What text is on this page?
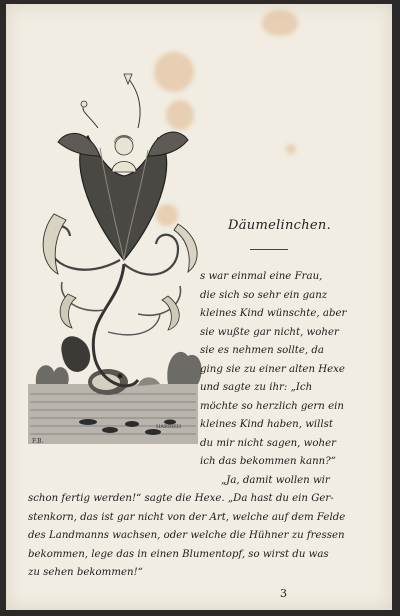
F.B.
HARSIEH
Däumelinchen.
s war einmal eine Frau,
die sich so sehr ein ganz
kleines Kind wünschte, aber
sie wußte gar nicht, woher
sie es nehmen sollte, da
ging sie zu einer alten Hexe
und sagte zu ihr: „Ich
möchte so herzlich gern ein
kleines Kind haben, willst
du mir nicht sagen, woher
ich das bekommen kann?“
„Ja, damit wollen wir
schon fertig werden!“ sagte die Hexe. „Da hast du ein Ger-
stenkorn, das ist gar nicht von der Art, welche auf dem Felde
des Landmanns wachsen, oder welche die Hühner zu fressen
bekommen, lege das in einen Blumentopf, so wirst du was
zu sehen bekommen!“
3
